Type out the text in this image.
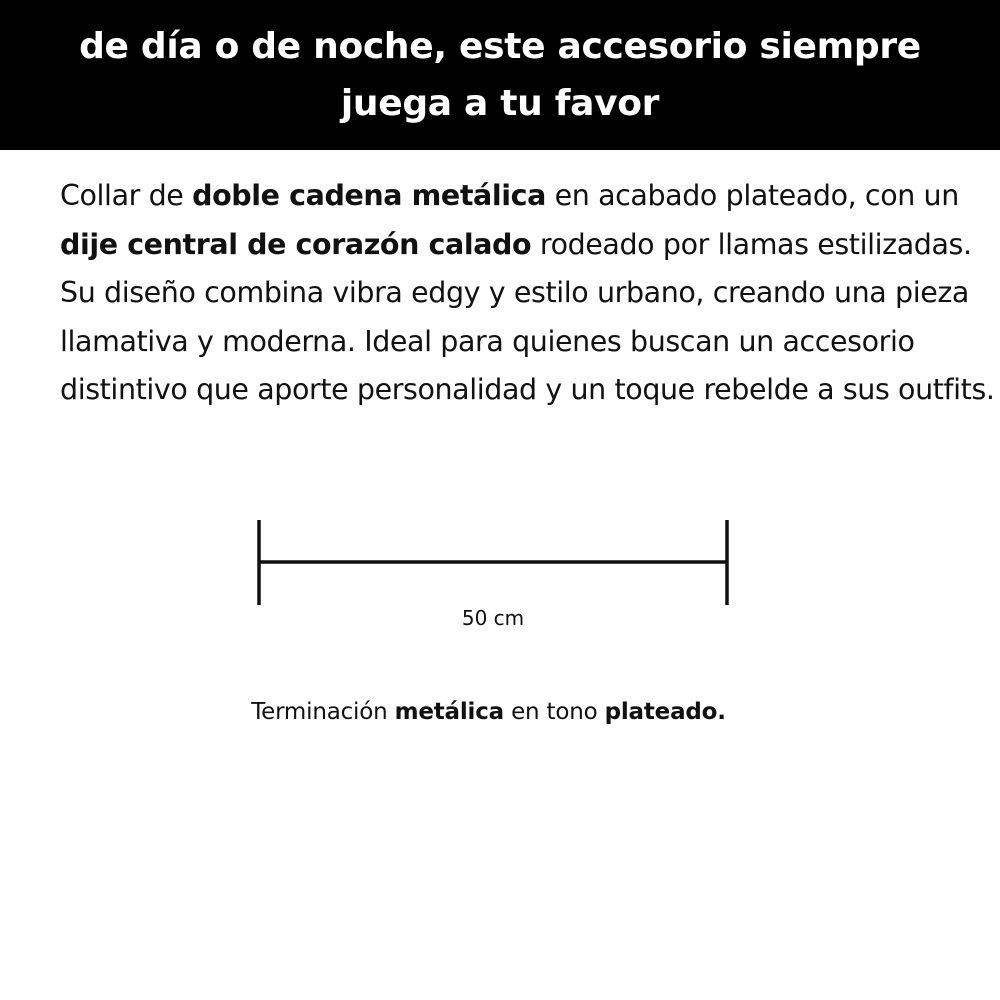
de día o de noche, este accesorio siempre juega a tu favor

Collar de doble cadena metálica en acabado plateado, con un dije central de corazón calado rodeado por llamas estilizadas. Su diseño combina vibra edgy y estilo urbano, creando una pieza llamativa y moderna. Ideal para quienes buscan un accesorio distintivo que aporte personalidad y un toque rebelde a sus outfits.

50 cm

Terminación metálica en tono plateado.
